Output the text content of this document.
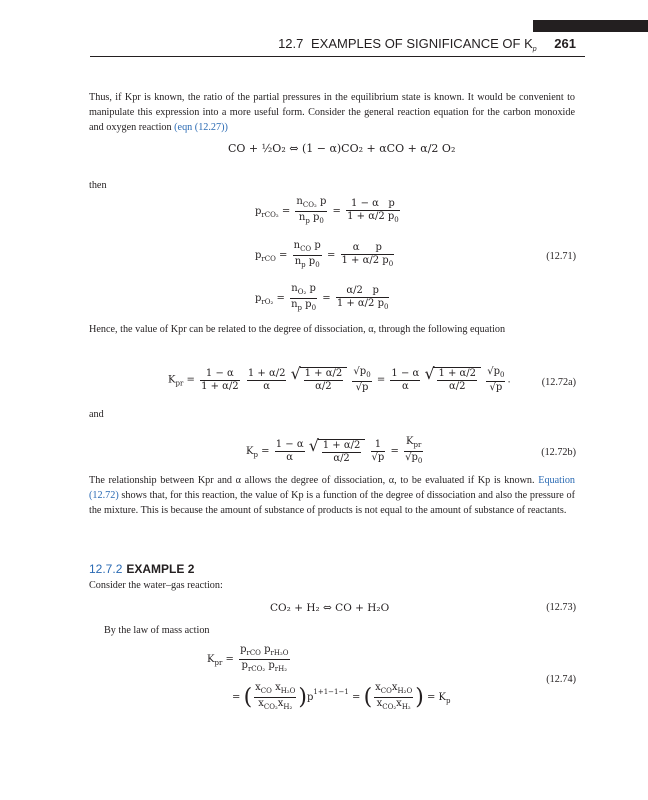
12.7 EXAMPLES OF SIGNIFICANCE OF $K_p$ 261
Thus, if Kpr is known, the ratio of the partial pressures in the equilibrium state is known. It would be convenient to manipulate this expression into a more useful form. Consider the general reaction equation for the carbon monoxide and oxygen reaction (eqn (12.27))
CO + ½O₂ ⇔ (1 − α)CO₂ + αCO + α/2 O₂
then
$p_{rCO_2} = \frac{n_{CO_2} p}{n_p p_0} = \frac{\text{1 − α   p}}{1 + \alpha/2 p_0}$
$p_{rCO} = \frac{n_{CO} p}{n_p p_0} = \frac{\text{α     p}}{1 + \alpha/2 p_0}$	(12.71)
$p_{rO_2} = \frac{n_{O_2} p}{n_p p_0} = \frac{\alpha/2 p}{1 + \alpha/2 p_0}$
Hence, the value of Kpr can be related to the degree of dissociation, α, through the following equation
$K_{pr} = \frac{1 - \alpha}{1 + \alpha/2}$
$\frac{1 + \alpha/2}{\alpha}$
√ $\frac{1 + \alpha/2}{\alpha/2}$
$\frac{√p_0}{√p} = \frac{1 - \alpha}{\alpha}$
√ $\frac{1 + \alpha/2}{\alpha/2}$
$\frac{√p_0}{√p}$ .	(12.72a)
and
$K_p = \frac{1 - \alpha}{\alpha}$
√ $\frac{1 + \alpha/2}{\alpha/2}$
$\frac{1}{√p} = \frac{K_{pr}}{√p_0}$	(12.72b)
The relationship between Kpr and α allows the degree of dissociation, α, to be evaluated if Kp is known. Equation (12.72) shows that, for this reaction, the value of Kp is a function of the degree of dissociation and also the pressure of the mixture. This is because the amount of substance of products is not equal to the amount of substance of reactants.
12.7.2 EXAMPLE 2
Consider the water–gas reaction:
CO₂ + H₂ ⇔ CO + H₂O	(12.73)
By the law of mass action
$K_{pr} = \frac{p_{rCO} p_{rH_2O}}{p_{rCO_2} p_{rH_2}}$
(12.74)
= ( $\frac{x_{CO} x_{H_2O}}{x_{CO_2}x_{H_2}} )p^{1+1-1-1}$ = ( $\frac{x_{CO}x_{H_2O}}{x_{CO_2}x_{H_2}}$ ) = $K_p$
